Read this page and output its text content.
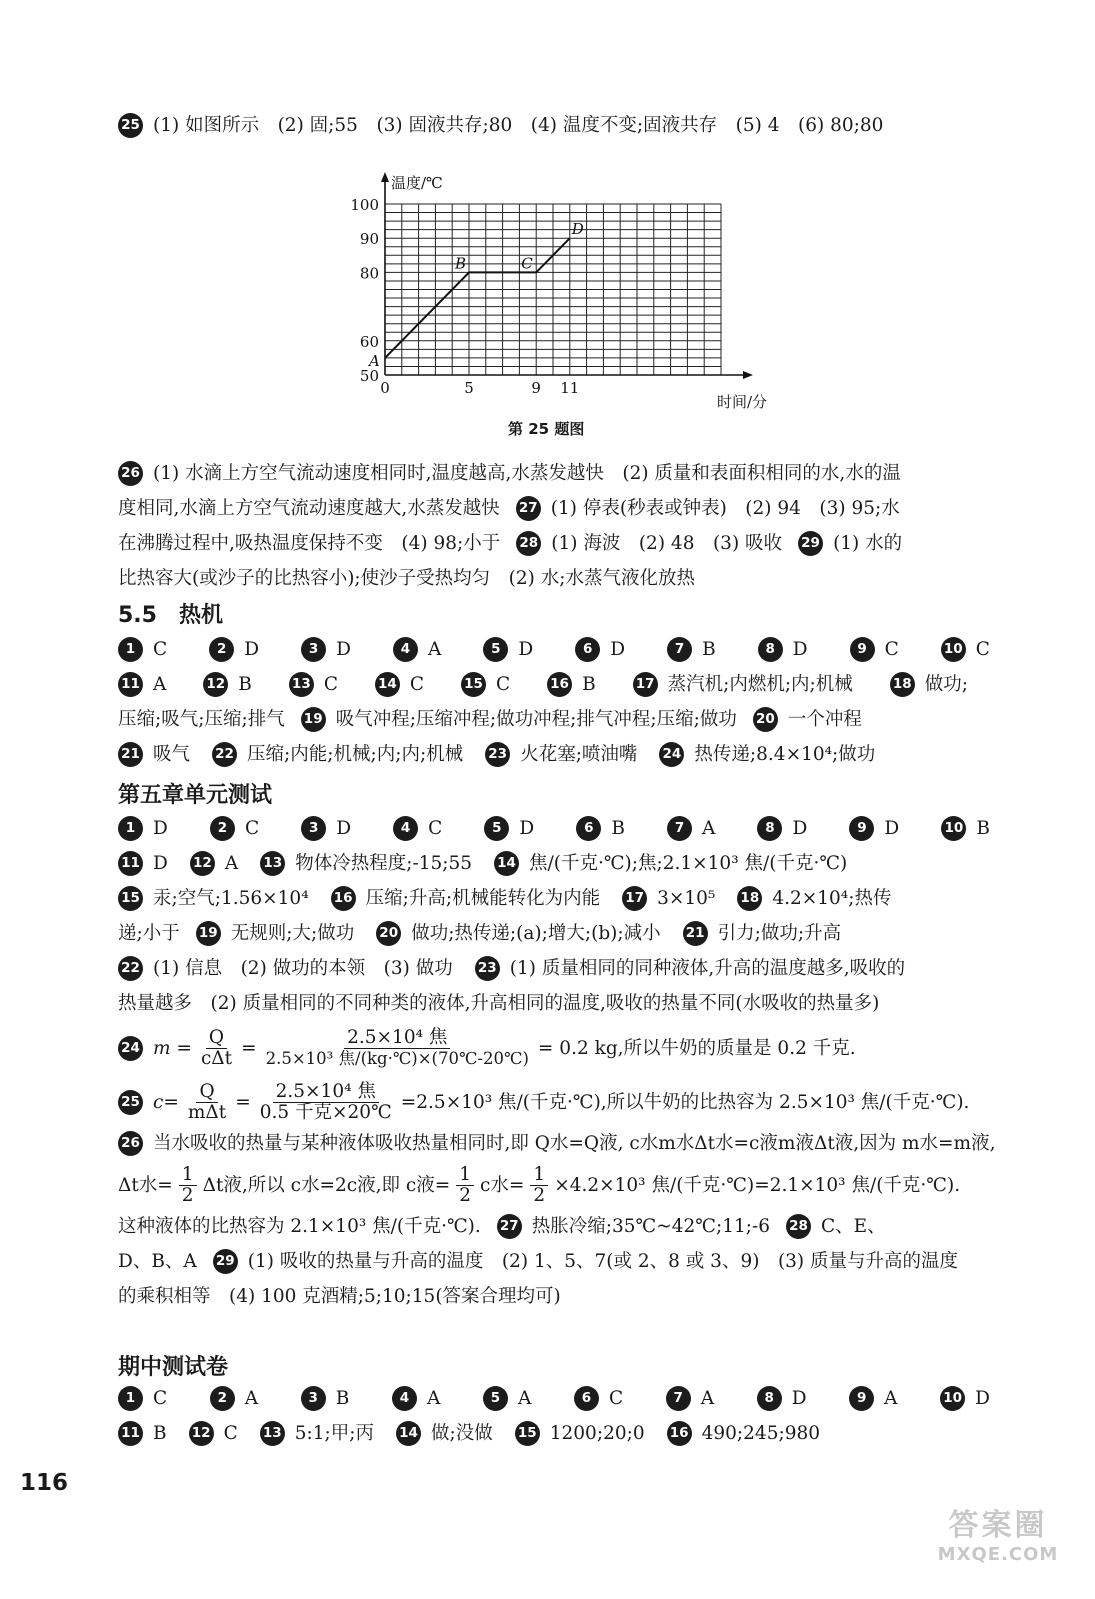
25 (1) 如图所示　(2) 固;55　(3) 固液共存;80　(4) 温度不变;固液共存　(5) 4　(6) 80;80
A
B	C
D
50
60
80
90
100
0	5	9 11
温度/℃
时间/分
第 25 题图
26 (1) 水滴上方空气流动速度相同时,温度越高,水蒸发越快　(2) 质量和表面积相同的水,水的温
度相同,水滴上方空气流动速度越大,水蒸发越快 27 (1) 停表(秒表或钟表)　(2) 94　(3) 95;水
在沸腾过程中,吸热温度保持不变　(4) 98;小于 28 (1) 海波　(2) 48　(3) 吸收 29 (1) 水的
比热容大(或沙子的比热容小);使沙子受热均匀　(2) 水;水蒸气液化放热
5.5　热机
1 C	2 D	3 D	4 A	5 D	6 D	7 B	8 D	9 C	10 C
11 A	12 B	13 C	14 C	15 C	16 B	17 蒸汽机;内燃机;内;机械	18 做功;
压缩;吸气;压缩;排气 19 吸气冲程;压缩冲程;做功冲程;排气冲程;压缩;做功 20 一个冲程
21 吸气 22 压缩;内能;机械;内;内;机械 23 火花塞;喷油嘴 24 热传递;8.4×10⁴;做功
第五章单元测试
1 D	2 C	3 D	4 C	5 D	6 B	7 A	8 D	9 D	10 B
11 D 12 A 13 物体冷热程度;-15;55 14 焦/(千克·℃);焦;2.1×10³ 焦/(千克·℃)
15 汞;空气;1.56×10⁴ 16 压缩;升高;机械能转化为内能 17 3×10⁵ 18 4.2×10⁴;热传
递;小于 19 无规则;大;做功 20 做功;热传递;(a);增大;(b);减小 21 引力;做功;升高
22 (1) 信息　(2) 做功的本领　(3) 做功 23 (1) 质量相同的同种液体,升高的温度越多,吸收的
热量越多　(2) 质量相同的不同种类的液体,升高相同的温度,吸收的热量不同(水吸收的热量多)
24 $m = \frac{Q}{\text{cΔt}} = \frac{\text{2.5×10⁴ 焦}}{\text{2.5×10³ 焦/(kg·℃)×(70℃-20℃)}} = 0.2$ kg,所以牛奶的质量是 0.2 千克.
25 $c= \frac{Q}{\text{mΔt}} = \frac{\text{2.5×10⁴ 焦}}{\text{0.5 千克×20℃}} =2.5\times 10^3$ 焦/(千克·℃),所以牛奶的比热容为 2.5×10³ 焦/(千克·℃).
26 当水吸收的热量与某种液体吸收热量相同时,即 Q水=Q液, c水m水Δt水=c液m液Δt液,因为 m水=m液,
Δt水= $\frac{1}{2}$ Δt液,所以 c水=2c液,即 c液= $\frac{1}{2}$ c水= $\frac{1}{2} \times 4.2\times 10^3$ 焦/(千克·℃)=2.1×10³ 焦/(千克·℃).
这种液体的比热容为 2.1×10³ 焦/(千克·℃). 27 热胀冷缩;35℃~42℃;11;-6 28 C、E、
D、B、A 29 (1) 吸收的热量与升高的温度　(2) 1、5、7(或 2、8 或 3、9)　(3) 质量与升高的温度
的乘积相等　(4) 100 克酒精;5;10;15(答案合理均可)
期中测试卷
1 C	2 A	3 B	4 A	5 A	6 C	7 A	8 D	9 A	10 D
11 B 12 C 13 5:1;甲;丙 14 做;没做 15 1200;20;0 16 490;245;980
116
答案圈
MXQE.COM
